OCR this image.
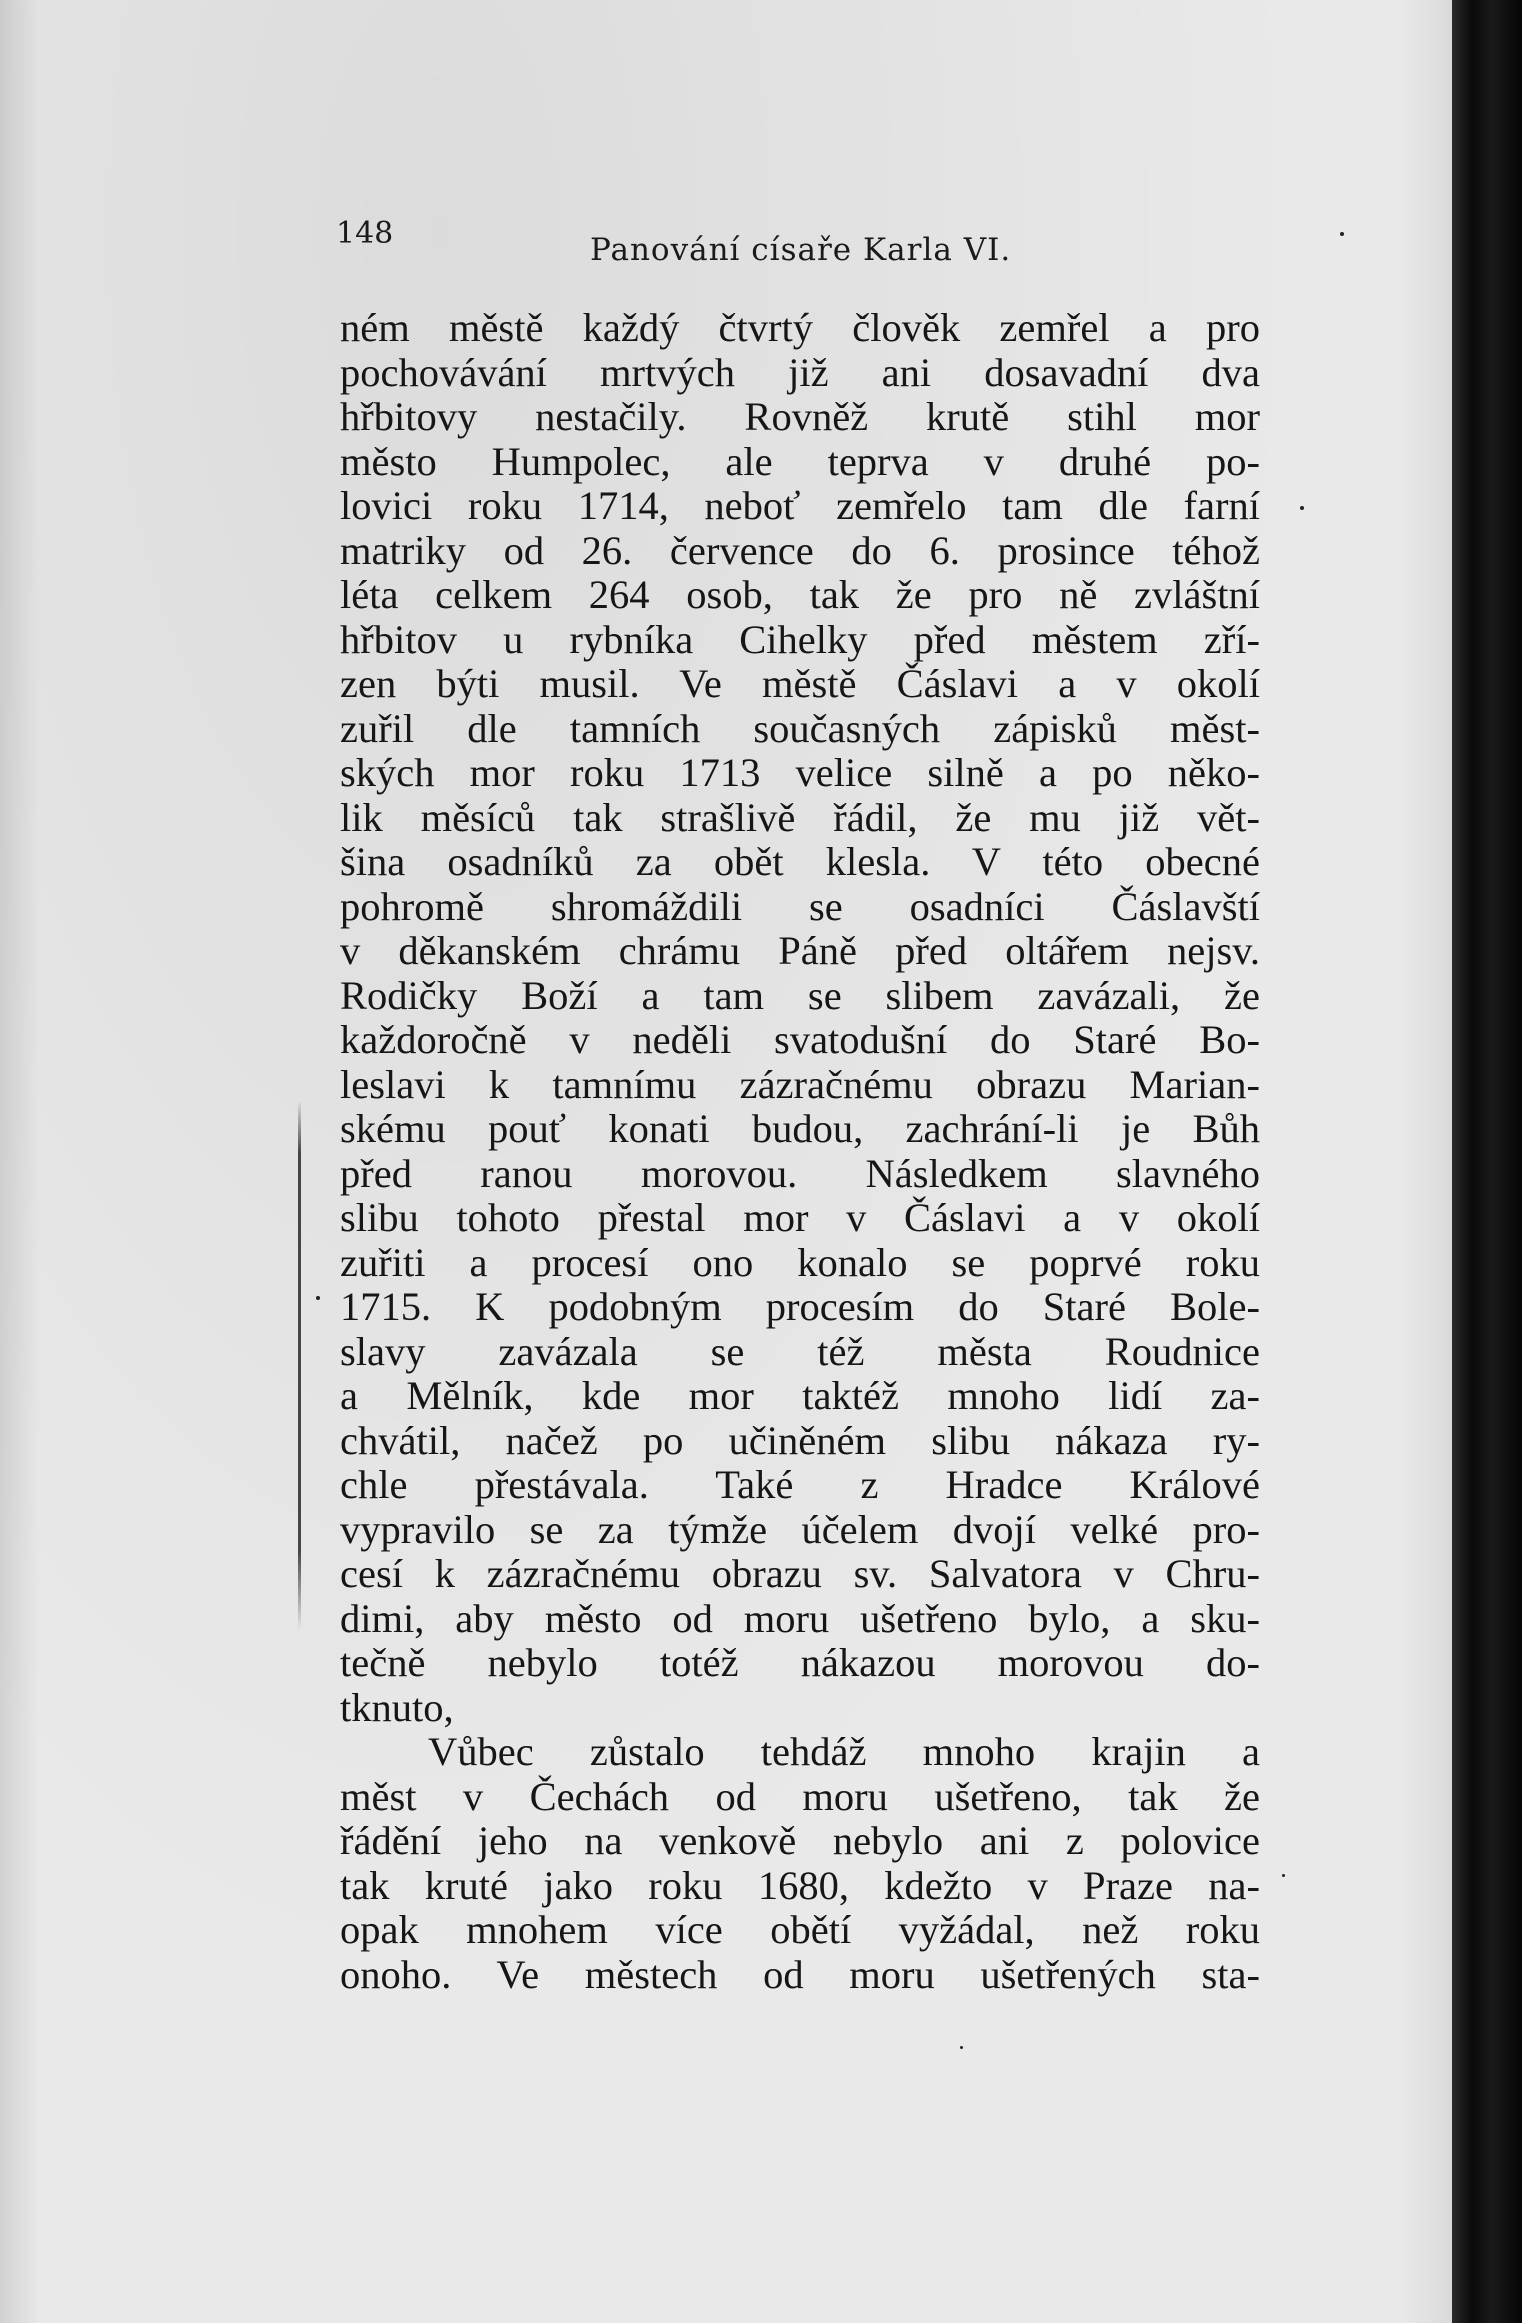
148	Panování císaře Karla VI.
ném městě každý čtvrtý člověk zemřel a pro
pochovávání mrtvých již ani dosavadní dva
hřbitovy nestačily. Rovněž krutě stihl mor
město Humpolec, ale teprva v druhé po-
lovici roku 1714, neboť zemřelo tam dle farní
matriky od 26. července do 6. prosince téhož
léta celkem 264 osob, tak že pro ně zvláštní
hřbitov u rybníka Cihelky před městem zří-
zen býti musil. Ve městě Čáslavi a v okolí
zuřil dle tamních současných zápisků měst-
ských mor roku 1713 velice silně a po něko-
lik měsíců tak strašlivě řádil, že mu již vět-
šina osadníků za obět klesla. V této obecné
pohromě shromáždili se osadníci Čáslavští
v děkanském chrámu Páně před oltářem nejsv.
Rodičky Boží a tam se slibem zavázali, že
každoročně v neděli svatodušní do Staré Bo-
leslavi k tamnímu zázračnému obrazu Marian-
skému pouť konati budou, zachrání-li je Bůh
před ranou morovou. Následkem slavného
slibu tohoto přestal mor v Čáslavi a v okolí
zuřiti a procesí ono konalo se poprvé roku
1715. K podobným procesím do Staré Bole-
slavy zavázala se též města Roudnice
a Mělník, kde mor taktéž mnoho lidí za-
chvátil, načež po učiněném slibu nákaza ry-
chle přestávala. Také z Hradce Králové
vypravilo se za týmže účelem dvojí velké pro-
cesí k zázračnému obrazu sv. Salvatora v Chru-
dimi, aby město od moru ušetřeno bylo, a sku-
tečně nebylo totéž nákazou morovou do-
tknuto,
Vůbec zůstalo tehdáž mnoho krajin a
měst v Čechách od moru ušetřeno, tak že
řádění jeho na venkově nebylo ani z polovice
tak kruté jako roku 1680, kdežto v Praze na-
opak mnohem více obětí vyžádal, než roku
onoho. Ve městech od moru ušetřených sta-
